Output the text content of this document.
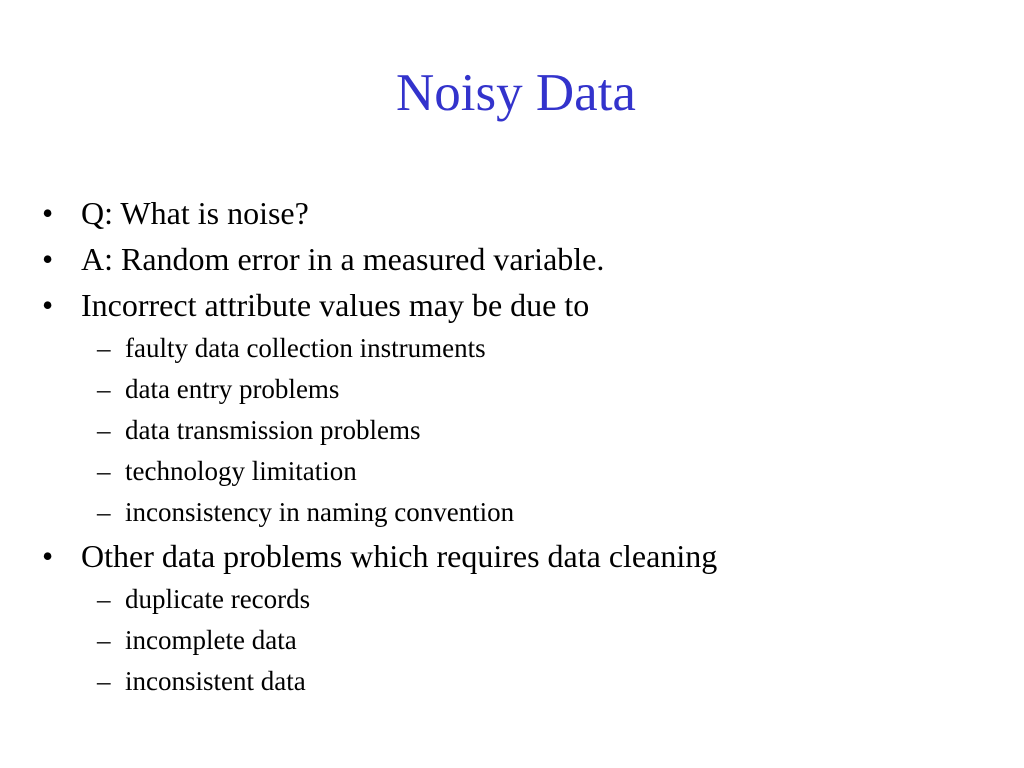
Noisy Data
• Q: What is noise?
• A: Random error in a measured variable.
• Incorrect attribute values may be due to
– faulty data collection instruments
– data entry problems
– data transmission problems
– technology limitation
– inconsistency in naming convention
• Other data problems which requires data cleaning
– duplicate records
– incomplete data
– inconsistent data
